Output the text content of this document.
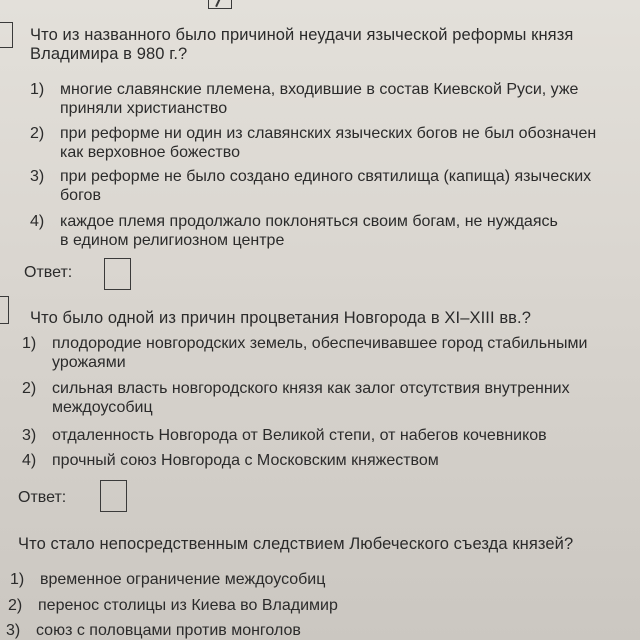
Что из названного было причиной неудачи языческой реформы князя
Владимира в 980 г.?
1) многие славянские племена, входившие в состав Киевской Руси, уже
приняли христианство
2) при реформе ни один из славянских языческих богов не был обозначен
как верховное божество
3) при реформе не было создано единого святилища (капища) языческих
богов
4) каждое племя продолжало поклоняться своим богам, не нуждаясь
в едином религиозном центре
Ответ:
Что было одной из причин процветания Новгорода в XI–XIII вв.?
1) плодородие новгородских земель, обеспечивавшее город стабильными
урожаями
2) сильная власть новгородского князя как залог отсутствия внутренних
междоусобиц
3) отдаленность Новгорода от Великой степи, от набегов кочевников
4) прочный союз Новгорода с Московским княжеством
Ответ:
Что стало непосредственным следствием Любеческого съезда князей?
1) временное ограничение междоусобиц
2) перенос столицы из Киева во Владимир
3) союз с половцами против монголов
